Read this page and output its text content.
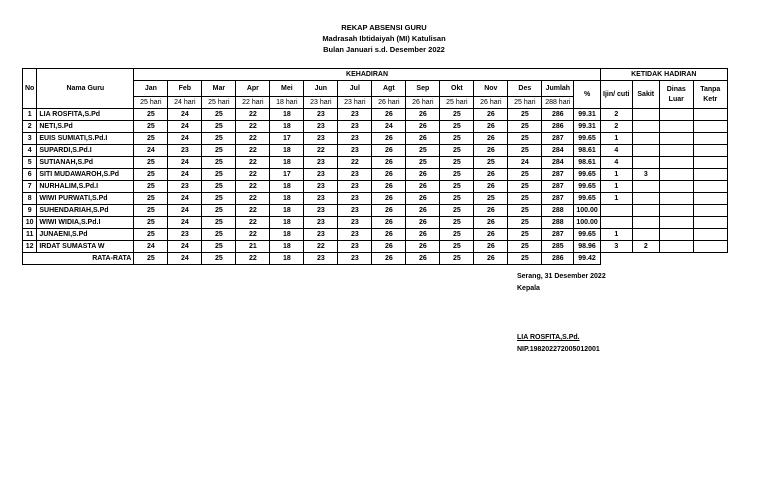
REKAP ABSENSI GURU
Madrasah Ibtidaiyah (MI) Katulisan
Bulan Januari s.d. Desember 2022
No	Nama Guru	KEHADIRAN														KETIDAK HADIRAN			
		Jan	Feb	Mar	Apr	Mei	Jun	Jul	Agt	Sep	Okt	Nov	Des	Jumlah	%	Ijin/ cuti	Sakit	Dinas Luar	Tanpa Ketr
		25 hari	24 hari	25 hari	22 hari	18 hari	23 hari	23 hari	26 hari	26 hari	25 hari	26 hari	25 hari	288 hari					
1	LIA ROSFITA,S.Pd	25	24	25	22	18	23	23	26	26	25	26	25	286	99.31	2			
2	NETI,S.Pd	25	24	25	22	18	23	23	24	26	25	26	25	286	99.31	2			
3	EUIS SUMIATI,S.Pd.I	25	24	25	22	17	23	23	26	26	25	26	25	287	99.65	1			
4	SUPARDI,S.Pd.I	24	23	25	22	18	22	23	26	25	25	26	25	284	98.61	4			
5	SUTIANAH,S.Pd	25	24	25	22	18	23	22	26	25	25	25	24	284	98.61	4			
6	SITI MUDAWAROH,S.Pd	25	24	25	22	17	23	23	26	26	25	26	25	287	99.65	1	3		
7	NURHALIM,S.Pd.I	25	23	25	22	18	23	23	26	26	25	26	25	287	99.65	1			
8	WIWI PURWATI,S.Pd	25	24	25	22	18	23	23	26	26	25	25	25	287	99.65	1			
9	SUHENDARIAH,S.Pd	25	24	25	22	18	23	23	26	26	25	26	25	288	100.00				
10	WIWI WIDIA,S.Pd.I	25	24	25	22	18	23	23	26	26	25	26	25	288	100.00				
11	JUNAENI,S.Pd	25	23	25	22	18	23	23	26	26	25	26	25	287	99.65	1			
12	IRDAT SUMASTA W	24	24	25	21	18	22	23	26	26	25	26	25	285	98.96	3	2		
RATA-RATA		25	24	25	22	18	23	23	26	26	25	26	25	286	99.42				
Serang, 31 Desember 2022
Kepala
LIA ROSFITA,S.Pd.
NIP.198202272005012001
